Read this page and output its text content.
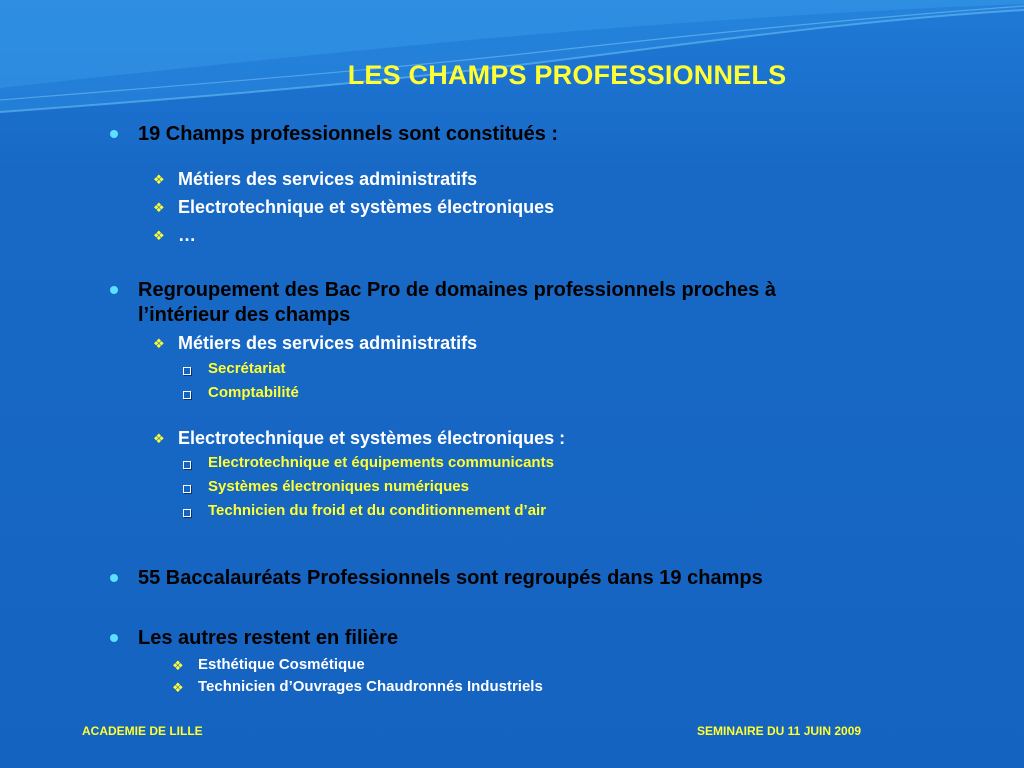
LES CHAMPS PROFESSIONNELS
19 Champs professionnels sont constitués :
❖ Métiers des services administratifs
❖ Electrotechnique et systèmes électroniques
❖ …
Regroupement des Bac Pro de domaines professionnels proches à
l’intérieur des champs
❖ Métiers des services administratifs
Secrétariat
Comptabilité
❖ Electrotechnique et systèmes électroniques :
Electrotechnique et équipements communicants
Systèmes électroniques numériques
Technicien du froid et du conditionnement d’air
55 Baccalauréats Professionnels sont regroupés dans 19 champs
Les autres restent en filière
❖ Esthétique Cosmétique
❖ Technicien d’Ouvrages Chaudronnés Industriels
ACADEMIE DE LILLE	SEMINAIRE DU 11 JUIN 2009
